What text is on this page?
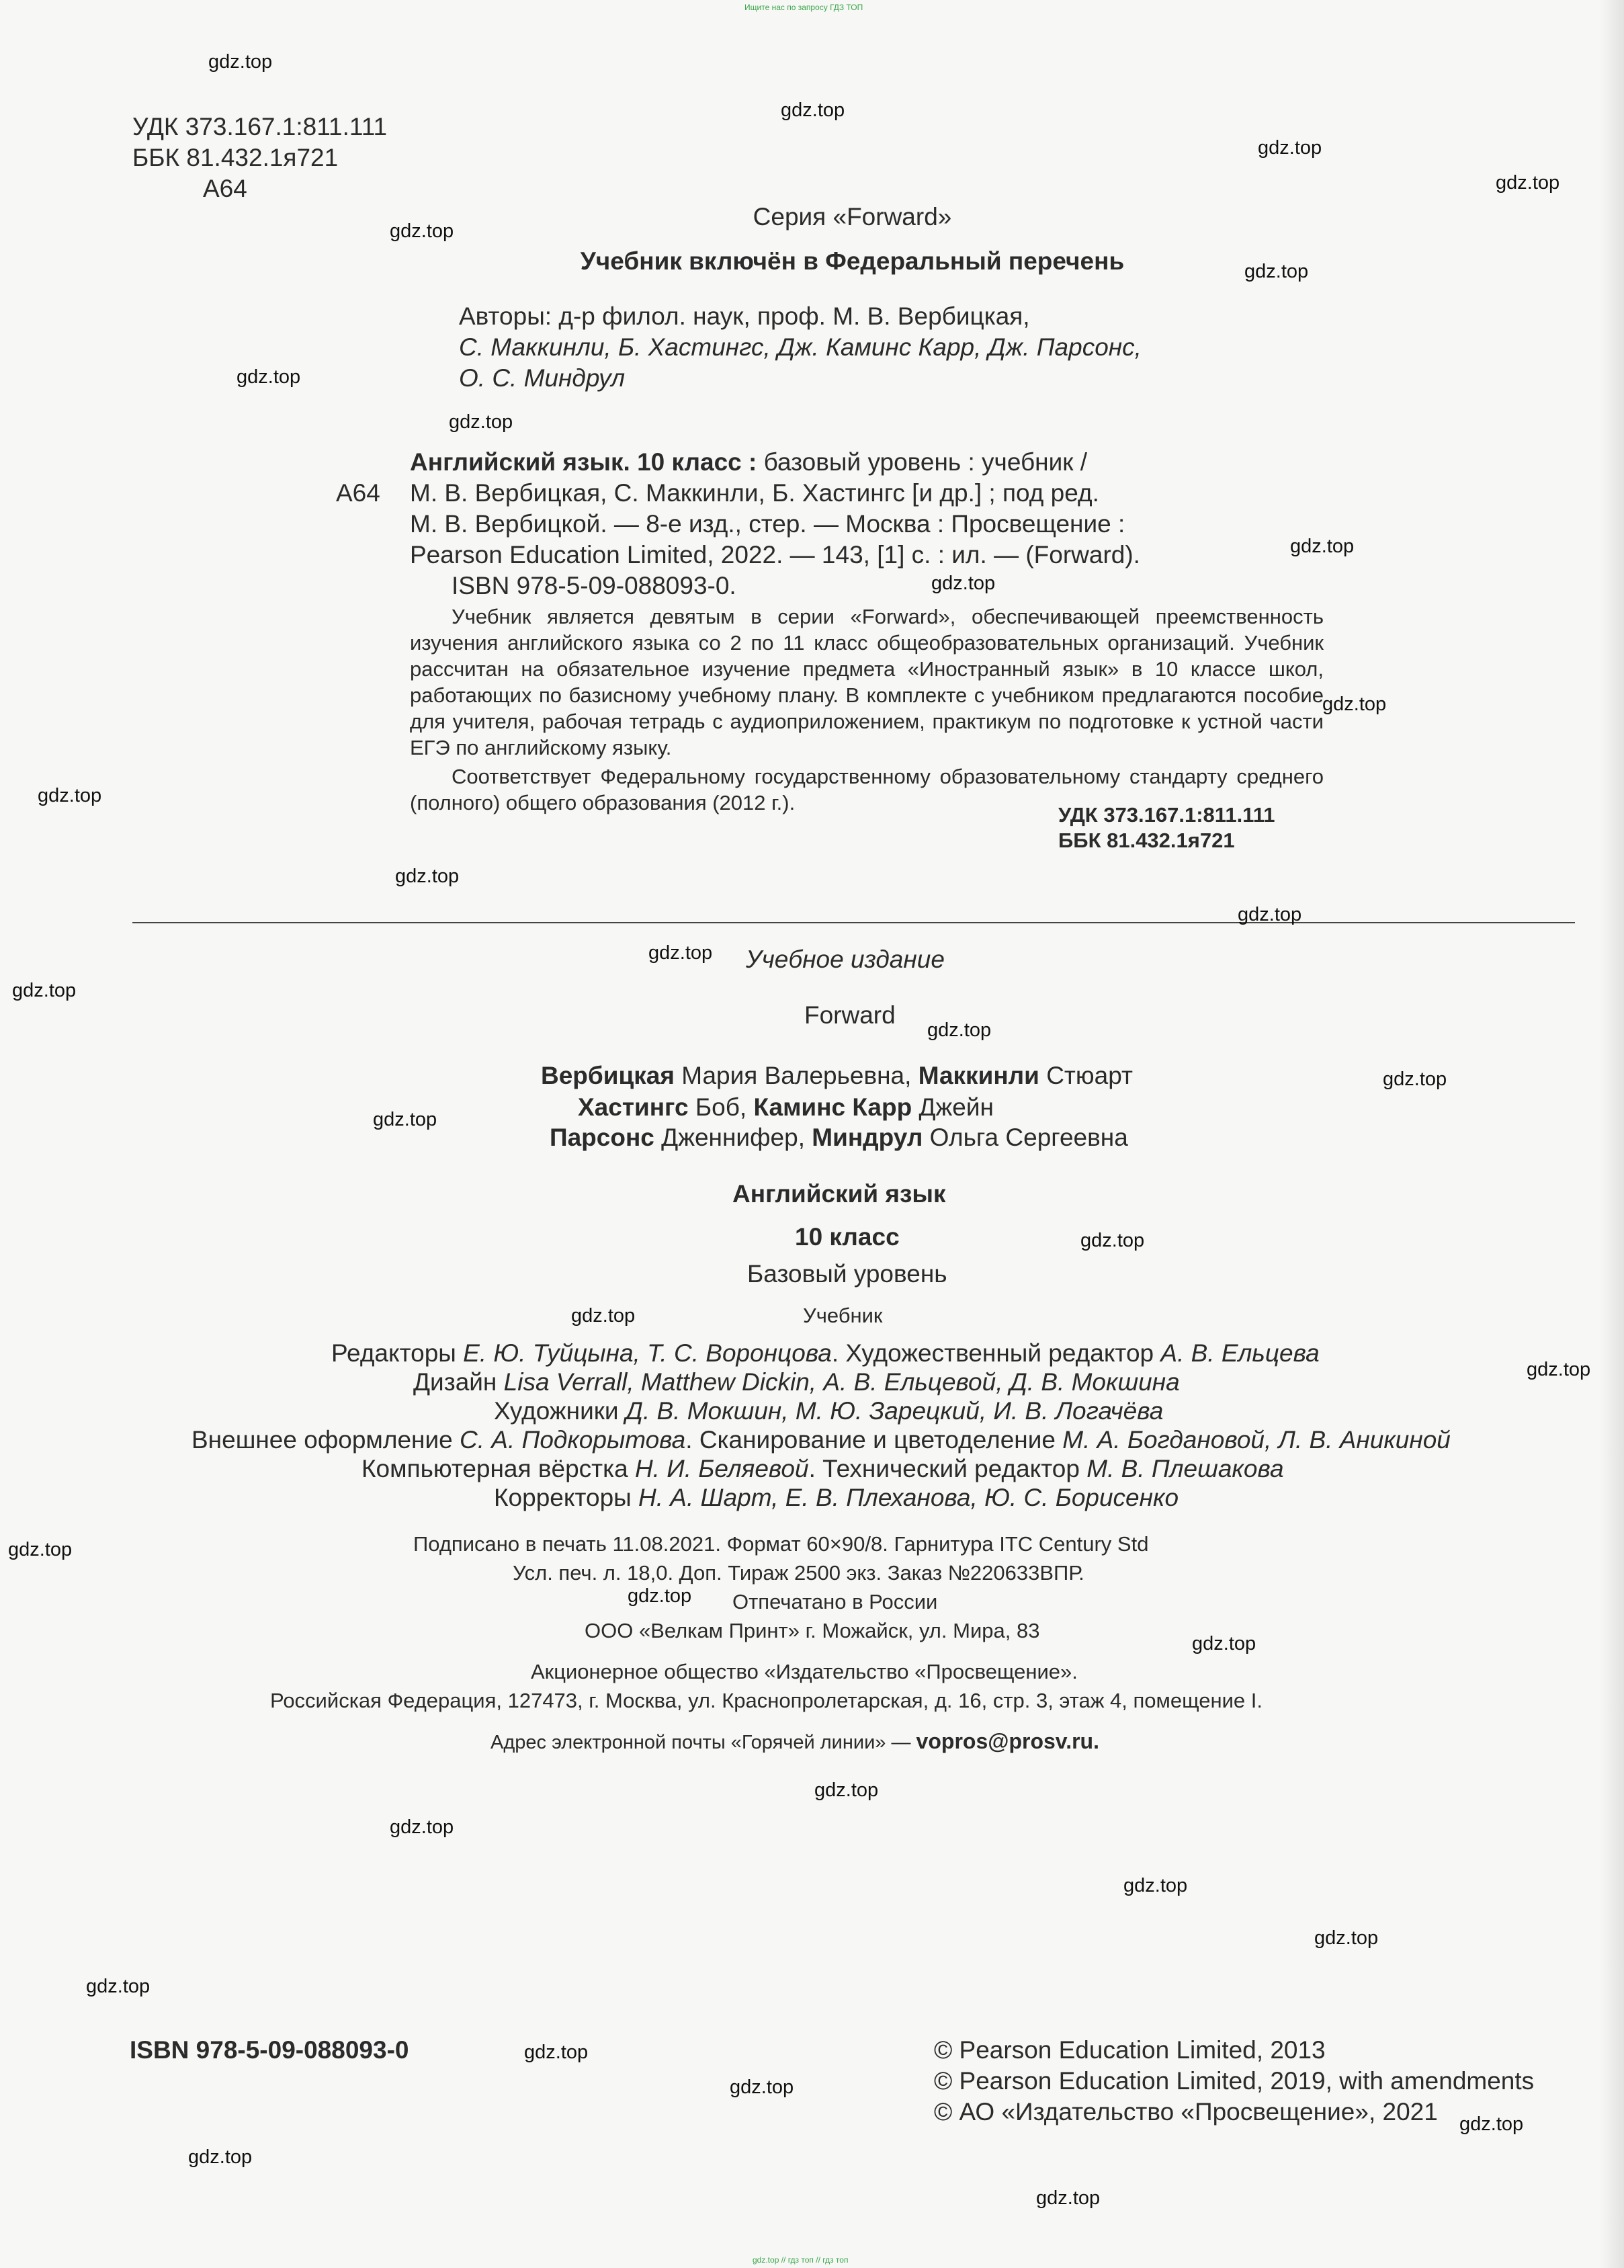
Ищите нас по запросу ГДЗ ТОП
УДК 373.167.1:811.111
ББК 81.432.1я721
А64
Серия «Forward»
Учебник включён в Федеральный перечень
Авторы: д-р филол. наук, проф. М. В. Вербицкая,
С. Маккинли, Б. Хастингс, Дж. Каминс Карр, Дж. Парсонс,
О. С. Миндрул
Английский язык. 10 класс : базовый уровень : учебник /
А64 М. В. Вербицкая, С. Маккинли, Б. Хастингс [и др.] ; под ред.
М. В. Вербицкой. — 8-е изд., стер. — Москва : Просвещение :
Pearson Education Limited, 2022. — 143, [1] с. : ил. — (Forward).
ISBN 978-5-09-088093-0.

Учебник является девятым в серии «Forward», обеспечивающей преемственность изучения английского языка со 2 по 11 класс общеобразовательных организаций. Учебник рассчитан на обязательное изучение предмета «Иностранный язык» в 10 классе школ, работающих по базисному учебному плану. В комплекте с учебником предлагаются пособие для учителя, рабочая тетрадь с аудиоприложением, практикум по подготовке к устной части ЕГЭ по английскому языку.

Соответствует Федеральному государственному образовательному стандарту среднего (полного) общего образования (2012 г.).

УДК 373.167.1:811.111
ББК 81.432.1я721
Учебное издание
Forward
Вербицкая Мария Валерьевна, Маккинли Стюарт
Хастингс Боб, Каминс Карр Джейн
Парсонс Дженнифер, Миндрул Ольга Сергеевна
Английский язык
10 класс
Базовый уровень
Учебник
Редакторы Е. Ю. Туйцына, Т. С. Воронцова. Художественный редактор А. В. Ельцева
Дизайн Lisa Verrall, Matthew Dickin, А. В. Ельцевой, Д. В. Мокшина
Художники Д. В. Мокшин, М. Ю. Зарецкий, И. В. Логачёва
Внешнее оформление С. А. Подкорытова. Сканирование и цветоделение М. А. Богдановой, Л. В. Аникиной
Компьютерная вёрстка Н. И. Беляевой. Технический редактор М. В. Плешакова
Корректоры Н. А. Шарт, Е. В. Плеханова, Ю. С. Борисенко
Подписано в печать 11.08.2021. Формат 60×90/8. Гарнитура ITC Century Std
Усл. печ. л. 18,0. Доп. Тираж 2500 экз. Заказ №220633ВПР.
Отпечатано в России
ООО «Велкам Принт» г. Можайск, ул. Мира, 83
Акционерное общество «Издательство «Просвещение».
Российская Федерация, 127473, г. Москва, ул. Краснопролетарская, д. 16, стр. 3, этаж 4, помещение I.
Адрес электронной почты «Горячей линии» — vopros@prosv.ru.
ISBN 978-5-09-088093-0	© Pearson Education Limited, 2013
© Pearson Education Limited, 2019, with amendments
© АО «Издательство «Просвещение», 2021
gdz.top // гдз топ // гдз топ
gdz.top
gdz.top
gdz.top
gdz.top
gdz.top
gdz.top
gdz.top
gdz.top
gdz.top
gdz.top
gdz.top
gdz.top
gdz.top
gdz.top
gdz.top
gdz.top
gdz.top
gdz.top
gdz.top
gdz.top
gdz.top
gdz.top
gdz.top
gdz.top
gdz.top
gdz.top
gdz.top
gdz.top
gdz.top
gdz.top
gdz.top
gdz.top
gdz.top
gdz.top
gdz.top
